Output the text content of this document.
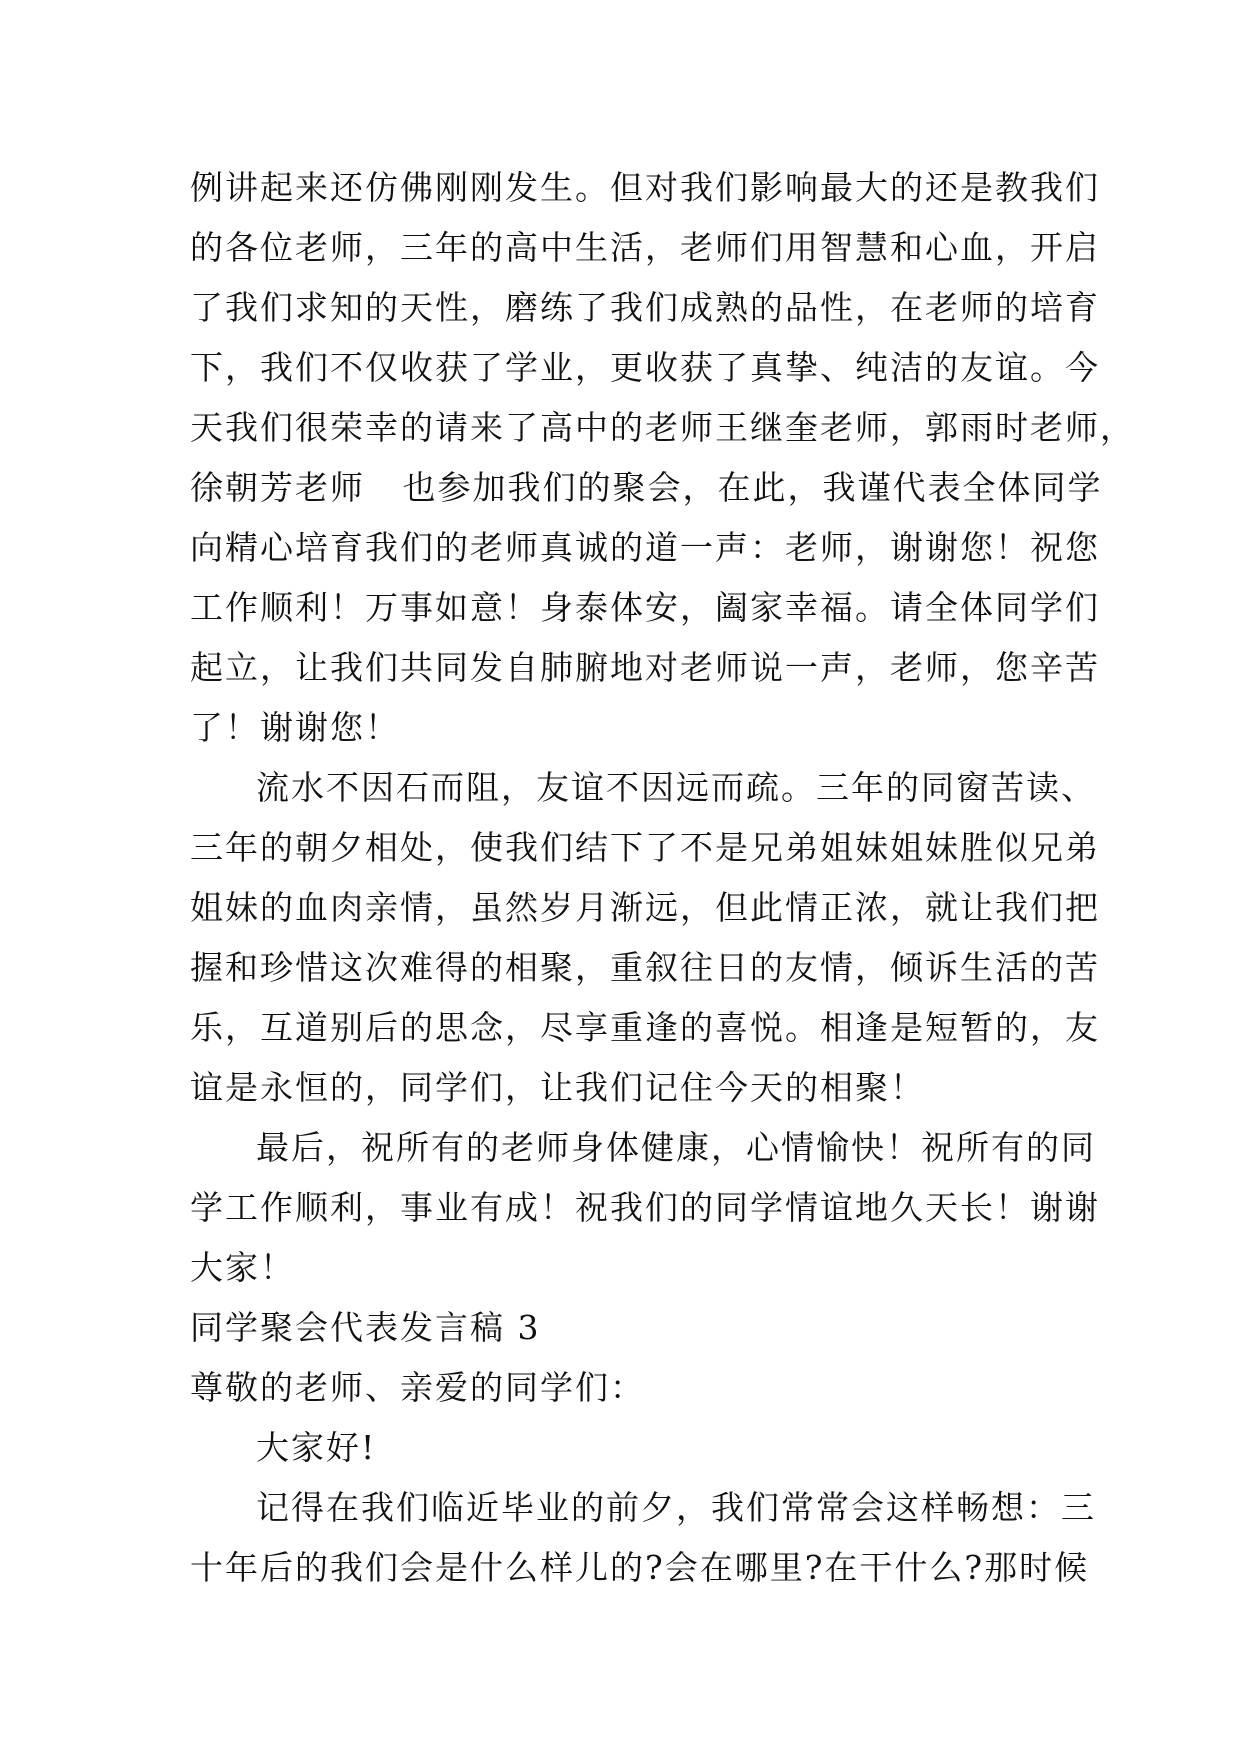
例讲起来还仿佛刚刚发生。但对我们影响最大的还是教我们
的各位老师，三年的高中生活，老师们用智慧和心血，开启
了我们求知的天性，磨练了我们成熟的品性，在老师的培育
下，我们不仅收获了学业，更收获了真挚、纯洁的友谊。今
天我们很荣幸的请来了高中的老师王继奎老师，郭雨时老师，
徐朝芳老师   也参加我们的聚会，在此，我谨代表全体同学
向精心培育我们的老师真诚的道一声：老师，谢谢您！祝您
工作顺利！万事如意！身泰体安，阖家幸福。请全体同学们
起立，让我们共同发自肺腑地对老师说一声，老师，您辛苦
了！谢谢您！
流水不因石而阻，友谊不因远而疏。三年的同窗苦读、
三年的朝夕相处，使我们结下了不是兄弟姐妹姐妹胜似兄弟
姐妹的血肉亲情，虽然岁月渐远，但此情正浓，就让我们把
握和珍惜这次难得的相聚，重叙往日的友情，倾诉生活的苦
乐，互道别后的思念，尽享重逢的喜悦。相逢是短暂的，友
谊是永恒的，同学们，让我们记住今天的相聚！
最后，祝所有的老师身体健康，心情愉快！祝所有的同
学工作顺利，事业有成！祝我们的同学情谊地久天长！谢谢
大家！
同学聚会代表发言稿 3
尊敬的老师、亲爱的同学们：
大家好!
记得在我们临近毕业的前夕，我们常常会这样畅想：三
十年后的我们会是什么样儿的?会在哪里?在干什么?那时候
